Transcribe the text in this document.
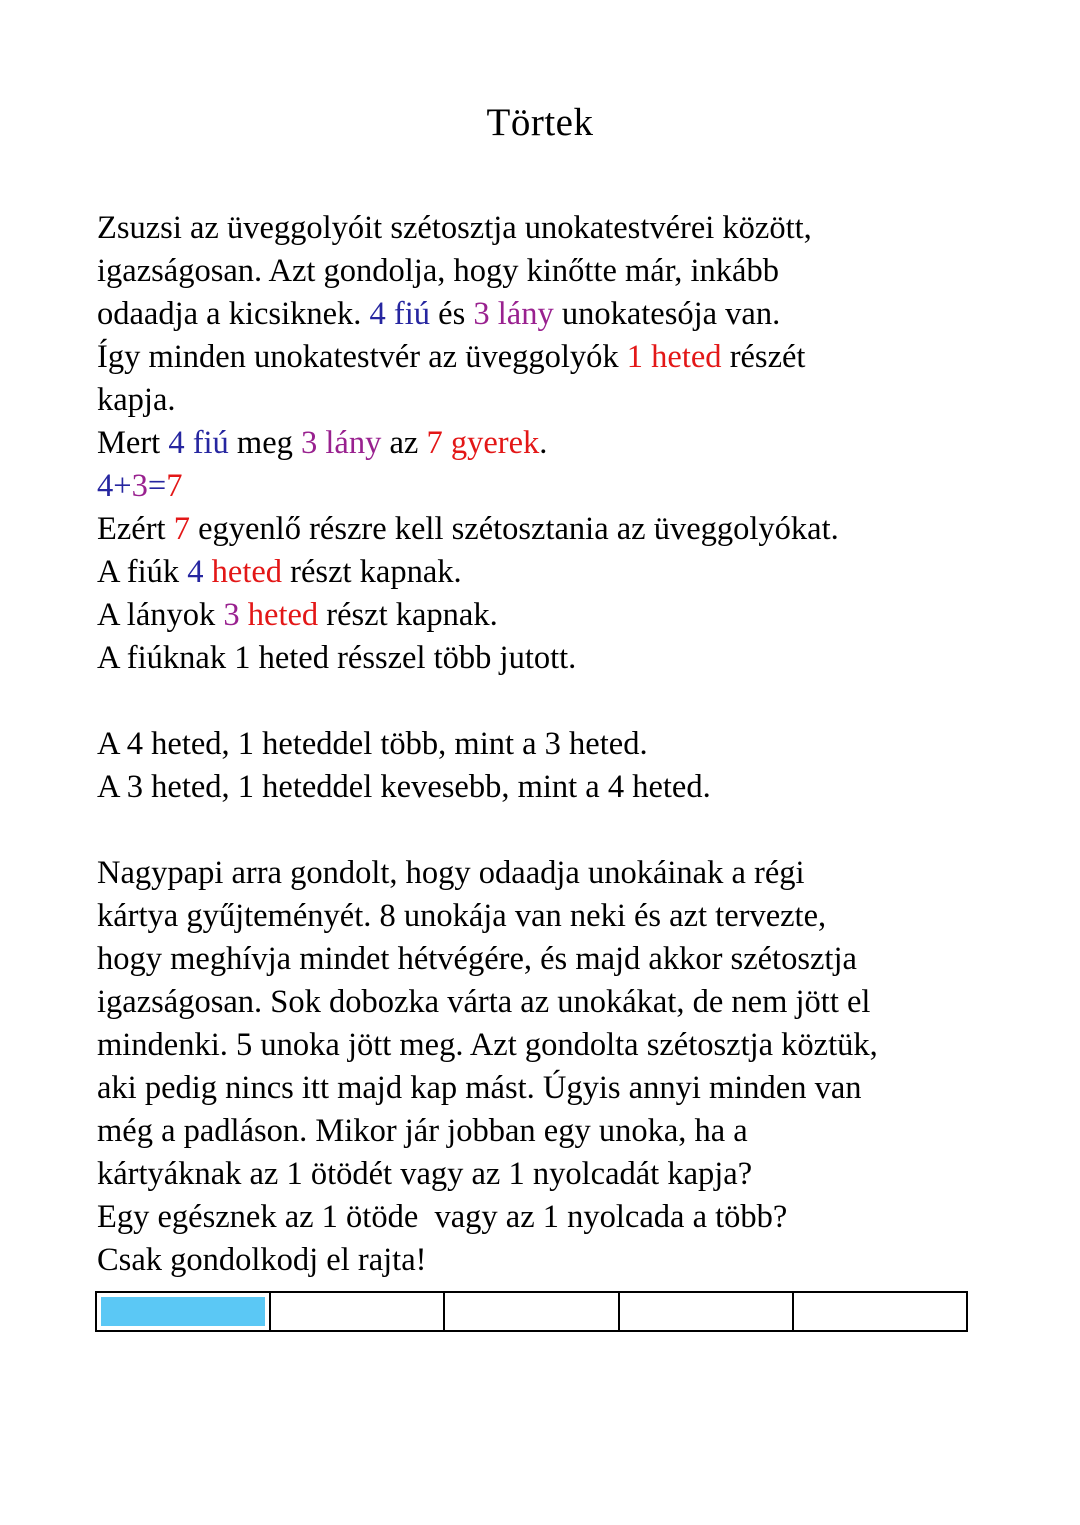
Törtek
Zsuzsi az üveggolyóit szétosztja unokatestvérei között,
igazságosan. Azt gondolja, hogy kinőtte már, inkább
odaadja a kicsiknek. 4 fiú és 3 lány unokatesója van.
Így minden unokatestvér az üveggolyók 1 heted részét
kapja.
Mert 4 fiú meg 3 lány az 7 gyerek.
4+3=7
Ezért 7 egyenlő részre kell szétosztania az üveggolyókat.
A fiúk 4 heted részt kapnak.
A lányok 3 heted részt kapnak.
A fiúknak 1 heted résszel több jutott.
A 4 heted, 1 heteddel több, mint a 3 heted.
A 3 heted, 1 heteddel kevesebb, mint a 4 heted.
Nagypapi arra gondolt, hogy odaadja unokáinak a régi
kártya gyűjteményét. 8 unokája van neki és azt tervezte,
hogy meghívja mindet hétvégére, és majd akkor szétosztja
igazságosan. Sok dobozka várta az unokákat, de nem jött el
mindenki. 5 unoka jött meg. Azt gondolta szétosztja köztük,
aki pedig nincs itt majd kap mást. Úgyis annyi minden van
még a padláson. Mikor jár jobban egy unoka, ha a
kártyáknak az 1 ötödét vagy az 1 nyolcadát kapja?
Egy egésznek az 1 ötöde  vagy az 1 nyolcada a több?
Csak gondolkodj el rajta!
